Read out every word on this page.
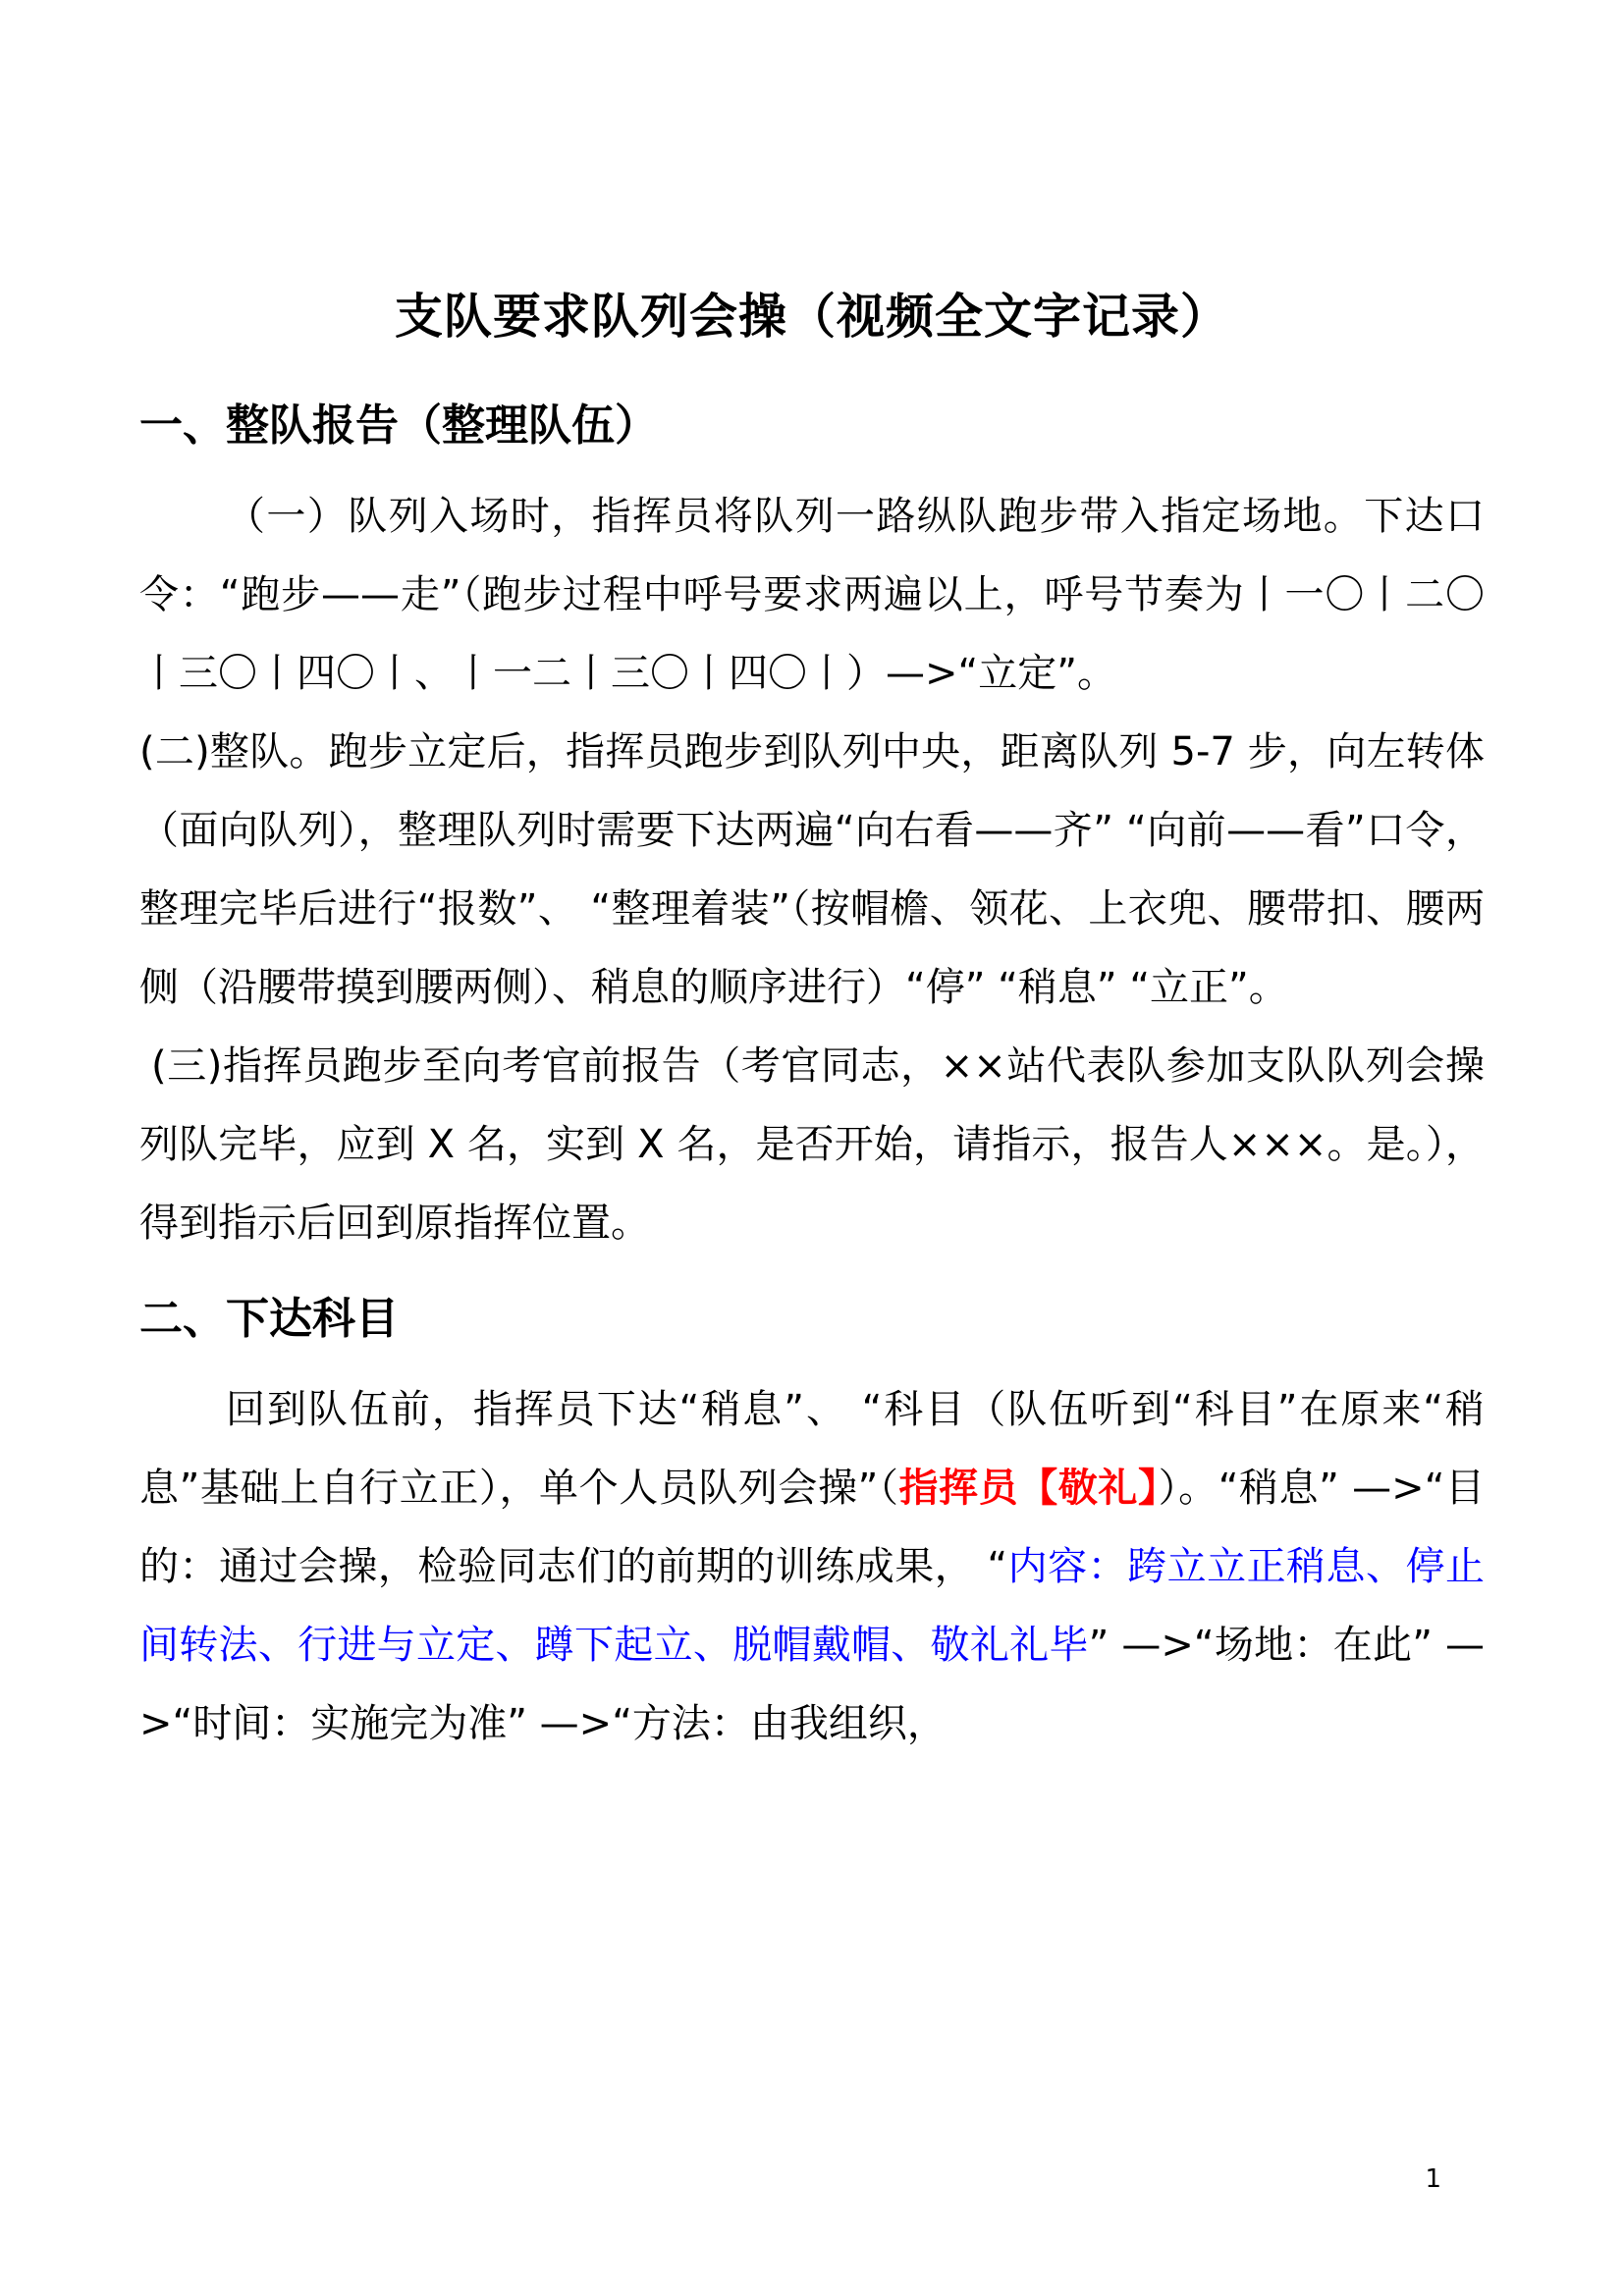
支队要求队列会操（视频全文字记录）
一、整队报告（整理队伍）

（一）队列入场时，指挥员将队列一路纵队跑步带入指定场地。下达口令：“跑步——走”（跑步过程中呼号要求两遍以上，呼号节奏为丨一〇丨二〇丨三〇丨四〇丨、丨一二丨三〇丨四〇丨）—>“立定”。

(二)整队。跑步立定后，指挥员跑步到队列中央，距离队列 5-7 步，向左转体（面向队列），整理队列时需要下达两遍“向右看——齐” “向前——看”口令，整理完毕后进行“报数”、 “整理着装”（按帽檐、领花、上衣兜、腰带扣、腰两侧（沿腰带摸到腰两侧）、稍息的顺序进行）“停” “稍息” “立正”。

(三)指挥员跑步至向考官前报告（考官同志，××站代表队参加支队队列会操列队完毕，应到 X 名，实到 X 名，是否开始，请指示，报告人×××。是。），得到指示后回到原指挥位置。

二、下达科目

回到队伍前，指挥员下达“稍息”、 “科目（队伍听到“科目”在原来“稍息”基础上自行立正），单个人员队列会操”（指挥员【敬礼】）。“稍息” —>“目的：通过会操，检验同志们的前期的训练成果， “内容：跨立立正稍息、停止间转法、行进与立定、蹲下起立、脱帽戴帽、敬礼礼毕” —>“场地：在此” —>“时间：实施完为准” —>“方法：由我组织，

1
